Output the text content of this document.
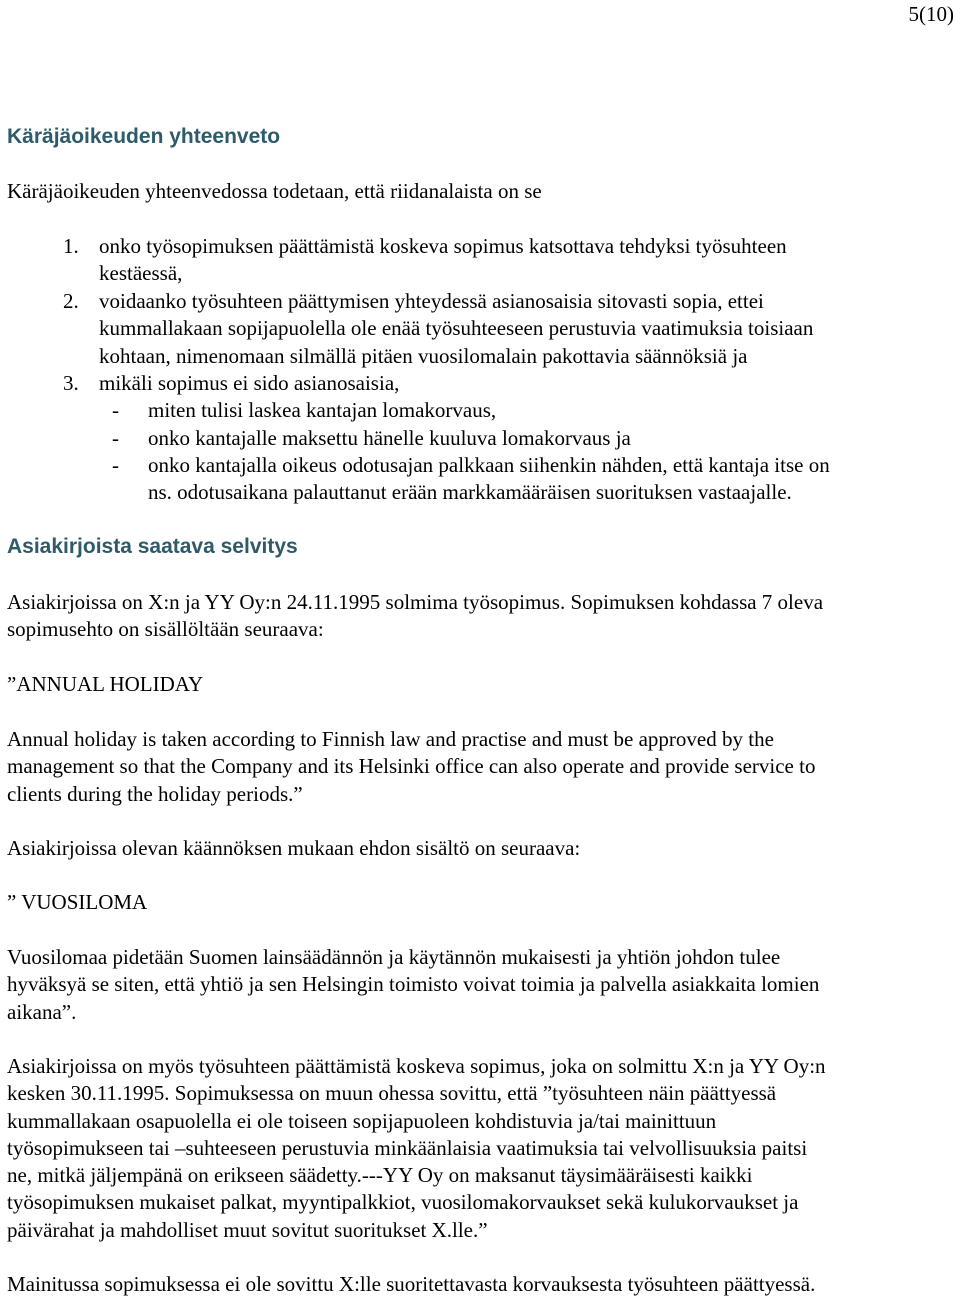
5(10)

Käräjäoikeuden yhteenveto

Käräjäoikeuden yhteenvedossa todetaan, että riidanalaista on se

1. onko työsopimuksen päättämistä koskeva sopimus katsottava tehdyksi työsuhteen
kestäessä,
2. voidaanko työsuhteen päättymisen yhteydessä asianosaisia sitovasti sopia, ettei
kummallakaan sopijapuolella ole enää työsuhteeseen perustuvia vaatimuksia toisiaan
kohtaan, nimenomaan silmällä pitäen vuosilomalain pakottavia säännöksiä ja
3. mikäli sopimus ei sido asianosaisia,
- miten tulisi laskea kantajan lomakorvaus,
- onko kantajalle maksettu hänelle kuuluva lomakorvaus ja
- onko kantajalla oikeus odotusajan palkkaan siihenkin nähden, että kantaja itse on
ns. odotusaikana palauttanut erään markkamääräisen suorituksen vastaajalle.
Asiakirjoista saatava selvitys
Asiakirjoissa on X:n ja YY Oy:n 24.11.1995 solmima työsopimus. Sopimuksen kohdassa 7 oleva
sopimusehto on sisällöltään seuraava:
”ANNUAL HOLIDAY
Annual holiday is taken according to Finnish law and practise and must be approved by the
management so that the Company and its Helsinki office can also operate and provide service to
clients during the holiday periods.”
Asiakirjoissa olevan käännöksen mukaan ehdon sisältö on seuraava:
” VUOSILOMA
Vuosilomaa pidetään Suomen lainsäädännön ja käytännön mukaisesti ja yhtiön johdon tulee
hyväksyä se siten, että yhtiö ja sen Helsingin toimisto voivat toimia ja palvella asiakkaita lomien
aikana”.
Asiakirjoissa on myös työsuhteen päättämistä koskeva sopimus, joka on solmittu X:n ja YY Oy:n
kesken 30.11.1995. Sopimuksessa on muun ohessa sovittu, että ”työsuhteen näin päättyessä
kummallakaan osapuolella ei ole toiseen sopijapuoleen kohdistuvia ja/tai mainittuun
työsopimukseen tai –suhteeseen perustuvia minkäänlaisia vaatimuksia tai velvollisuuksia paitsi
ne, mitkä jäljempänä on erikseen säädetty.---YY Oy on maksanut täysimääräisesti kaikki
työsopimuksen mukaiset palkat, myyntipalkkiot, vuosilomakorvaukset sekä kulukorvaukset ja
päivärahat ja mahdolliset muut sovitut suoritukset X.lle.”
Mainitussa sopimuksessa ei ole sovittu X:lle suoritettavasta korvauksesta työsuhteen päättyessä.
